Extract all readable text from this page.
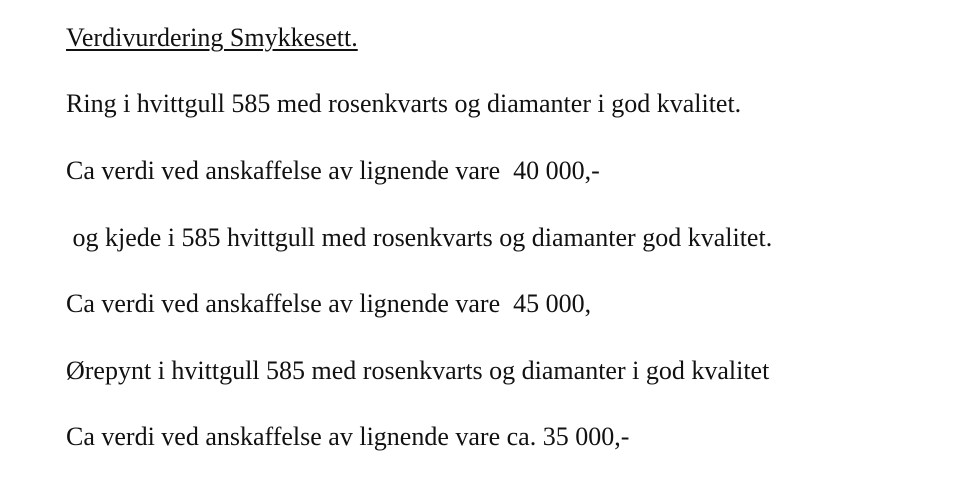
Verdivurdering Smykkesett.

Ring i hvittgull 585 med rosenkvarts og diamanter i god kvalitet.

Ca verdi ved anskaffelse av lignende vare  40 000,-

og kjede i 585 hvittgull med rosenkvarts og diamanter god kvalitet.

Ca verdi ved anskaffelse av lignende vare  45 000,

Ørepynt i hvittgull 585 med rosenkvarts og diamanter i god kvalitet

Ca verdi ved anskaffelse av lignende vare ca. 35 000,-
